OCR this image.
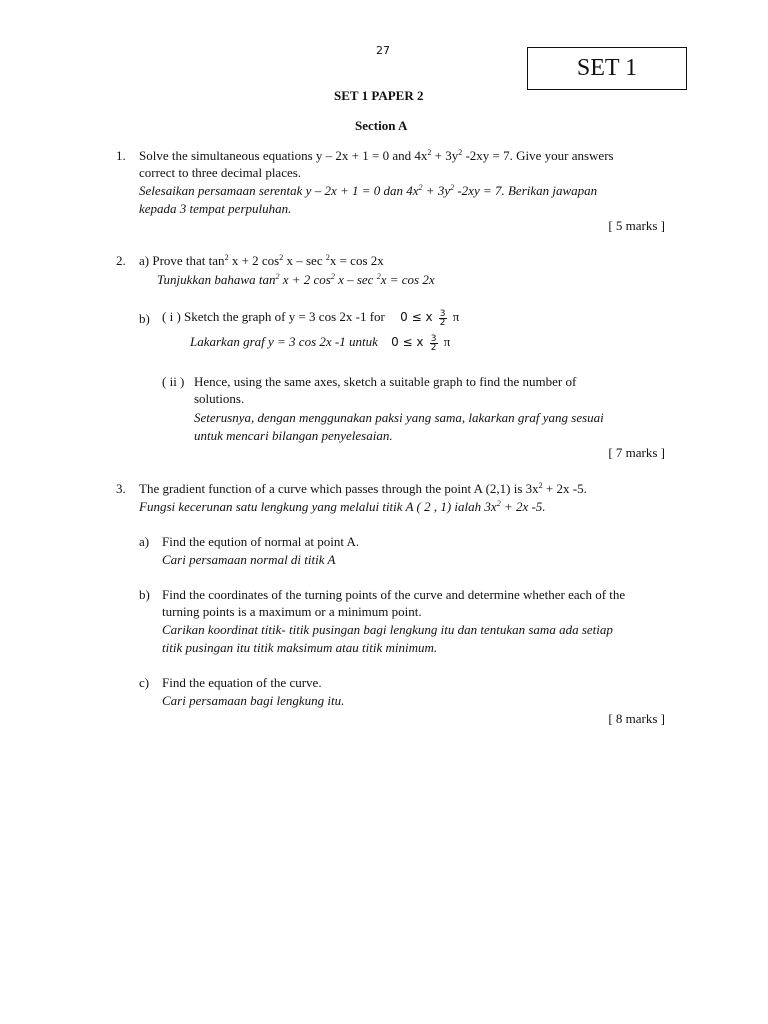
27
SET 1
SET 1 PAPER 2
Section A
1. Solve the simultaneous equations y – 2x + 1 = 0 and $4x^2 + 3y^2$ -2xy = 7. Give your answers
correct to three decimal places.
Selesaikan persamaan serentak y – 2x + 1 = 0 dan $4x^2 + 3y^2$ -2xy = 7. Berikan jawapan
kepada 3 tempat perpuluhan.
[ 5 marks ]
2. a) Prove that $\tan^2 x + 2$ $\cos^2 x - \sec ^2x = \cos 2x$
Tunjukkan bahawa $\tan^2 x + 2$ $\cos^2 x - \sec ^2x = \cos 2x$
b) ( i ) Sketch the graph of y = 3 cos 2x -1 for 0 ≤ x $\frac{3}{2}$ π
Lakarkan graf y = 3 cos 2x -1 untuk 0 ≤ x $\frac{3}{2}$ π
( ii ) Hence, using the same axes, sketch a suitable graph to find the number of
solutions.
Seterusnya, dengan menggunakan paksi yang sama, lakarkan graf yang sesuai
untuk mencari bilangan penyelesaian.
[ 7 marks ]
3. The gradient function of a curve which passes through the point A (2,1) is $3x^2 + 2x$ -5.
Fungsi kecerunan satu lengkung yang melalui titik A ( 2 , 1) ialah $3x^2 + 2x$ -5.
a) Find the eqution of normal at point A.
Cari persamaan normal di titik A
b) Find the coordinates of the turning points of the curve and determine whether each of the
turning points is a maximum or a minimum point.
Carikan koordinat titik- titik pusingan bagi lengkung itu dan tentukan sama ada setiap
titik pusingan itu titik maksimum atau titik minimum.
c) Find the equation of the curve.
Cari persamaan bagi lengkung itu.
[ 8 marks ]
